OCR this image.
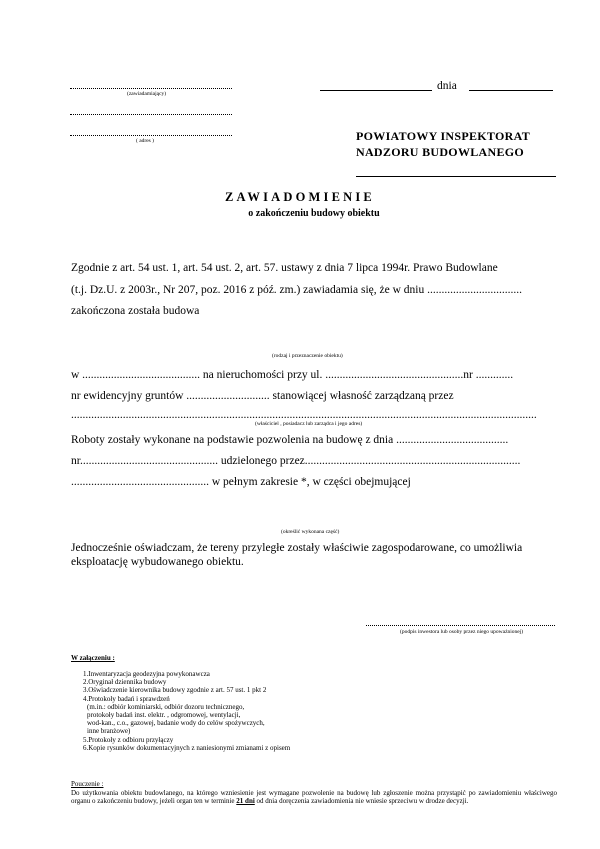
(zawiadamiający)
( adres )
dnia
POWIATOWY INSPEKTORAT
NADZORU BUDOWLANEGO
ZAWIADOMIENIE
o zakończeniu budowy obiektu
Zgodnie z art. 54 ust. 1, art. 54 ust. 2, art. 57. ustawy z dnia 7 lipca 1994r. Prawo Budowlane
(t.j. Dz.U. z 2003r., Nr 207, poz. 2016 z póź. zm.) zawiadamia się, że w dniu .................................
zakończona została budowa
(rodzaj i przeznaczenie obiektu)
w ......................................... na nieruchomości przy ul. ................................................nr .............
nr ewidencyjny gruntów ............................. stanowiącej własność zarządzaną przez
..................................................................................................................................................................
(właściciel , posiadacz lub zarządca i jego adres)
Roboty zostały wykonane na podstawie pozwolenia na budowę z dnia .......................................
nr................................................ udzielonego przez...........................................................................
................................................ w pełnym zakresie *, w części obejmującej
(określić wykonana część)
Jednocześnie oświadczam, że tereny przyległe zostały właściwie zagospodarowane, co umożliwia
eksploatację wybudowanego obiektu.
(podpis inwestora lub osoby przez niego upoważnionej)
W załączeniu :
1.Inwentaryzacja geodezyjna powykonawcza
2.Oryginał dziennika budowy
3.Oświadczenie kierownika budowy zgodnie z art. 57 ust. 1 pkt 2
4.Protokoły badań i sprawdzeń
(m.in.: odbiór kominiarski, odbiór dozoru technicznego,
protokoły badań inst. elektr. , odgromowej, wentylacji,
wod-kan., c.o., gazowej, badanie wody do celów spożywczych,
inne branżowe)
5.Protokoły z odbioru przyłączy
6.Kopie rysunków dokumentacyjnych z naniesionymi zmianami z opisem
Pouczenie :
Do użytkowania obiektu budowlanego, na którego wzniesienie jest wymagane pozwolenie na budowę lub zgłoszenie można przystąpić po zawiadomieniu właściwego organu o zakończeniu budowy, jeżeli organ ten w terminie 21 dni od dnia doręczenia zawiadomienia nie wniesie sprzeciwu w drodze decyzji.
